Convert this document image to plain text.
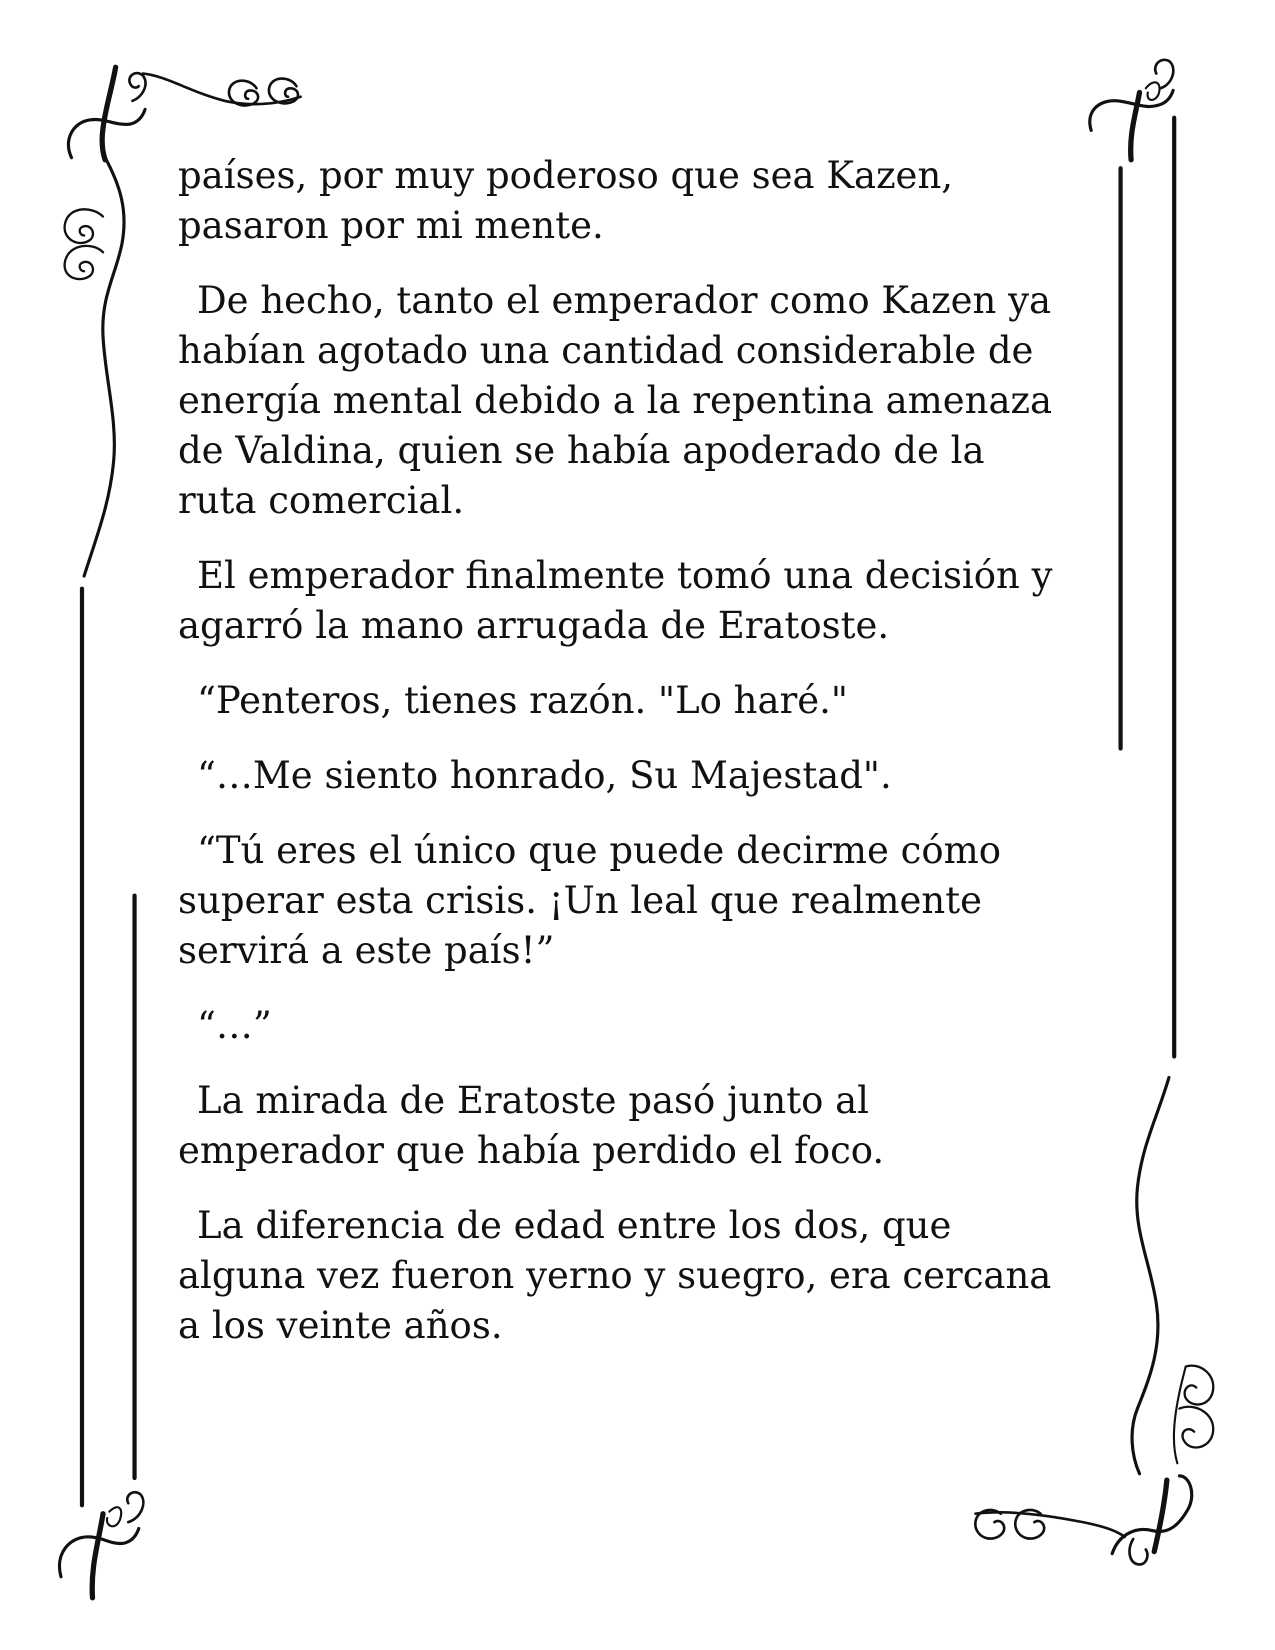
países, por muy poderoso que sea Kazen,
pasaron por mi mente.
De hecho, tanto el emperador como Kazen ya
habían agotado una cantidad considerable de
energía mental debido a la repentina amenaza
de Valdina, quien se había apoderado de la
ruta comercial.
El emperador finalmente tomó una decisión y
agarró la mano arrugada de Eratoste.
“Penteros, tienes razón. "Lo haré."
“…Me siento honrado, Su Majestad".
“Tú eres el único que puede decirme cómo
superar esta crisis. ¡Un leal que realmente
servirá a este país!”
“…”
La mirada de Eratoste pasó junto al
emperador que había perdido el foco.
La diferencia de edad entre los dos, que
alguna vez fueron yerno y suegro, era cercana
a los veinte años.
